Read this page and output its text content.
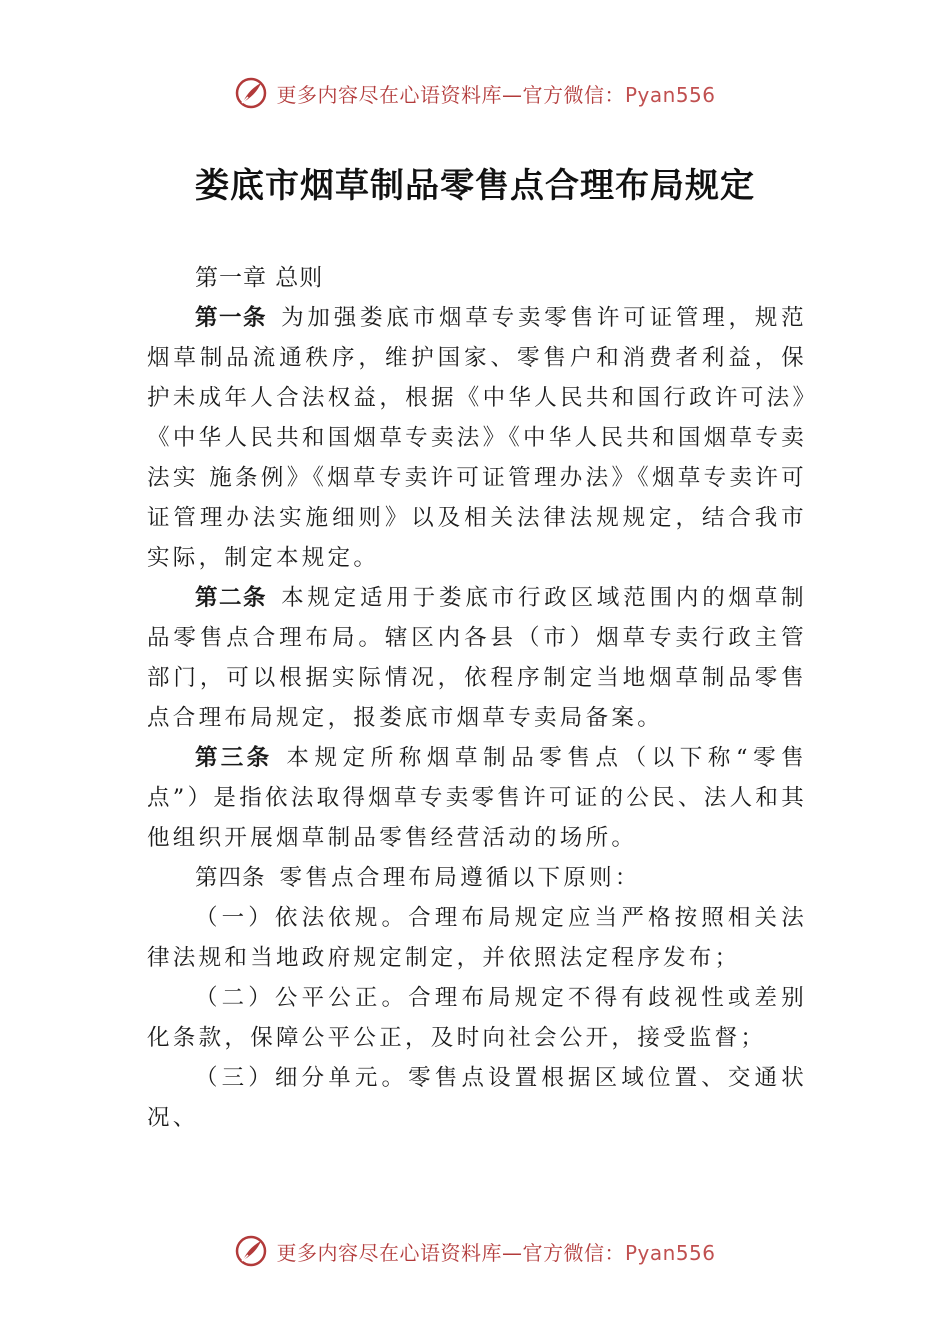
更多内容尽在心语资料库—官方微信：Pyan556
娄底市烟草制品零售点合理布局规定

第一章 总则

第一条 为加强娄底市烟草专卖零售许可证管理，规范烟草制品流通秩序，维护国家、零售户和消费者利益，保护未成年人合法权益，根据《中华人民共和国行政许可法》《中华人民共和国烟草专卖法》《中华人民共和国烟草专卖法实 施条例》《烟草专卖许可证管理办法》《烟草专卖许可证管理办法实施细则》以及相关法律法规规定，结合我市实际，制定本规定。

第二条 本规定适用于娄底市行政区域范围内的烟草制品零售点合理布局。辖区内各县（市）烟草专卖行政主管部门，可以根据实际情况，依程序制定当地烟草制品零售点合理布局规定，报娄底市烟草专卖局备案。

第三条 本规定所称烟草制品零售点（以下称“零售点”）是指依法取得烟草专卖零售许可证的公民、法人和其他组织开展烟草制品零售经营活动的场所。

第四条 零售点合理布局遵循以下原则：

（一）依法依规。合理布局规定应当严格按照相关法律法规和当地政府规定制定，并依照法定程序发布；

（二）公平公正。合理布局规定不得有歧视性或差别化条款，保障公平公正，及时向社会公开，接受监督；

（三）细分单元。零售点设置根据区域位置、交通状况、

更多内容尽在心语资料库—官方微信：Pyan556
